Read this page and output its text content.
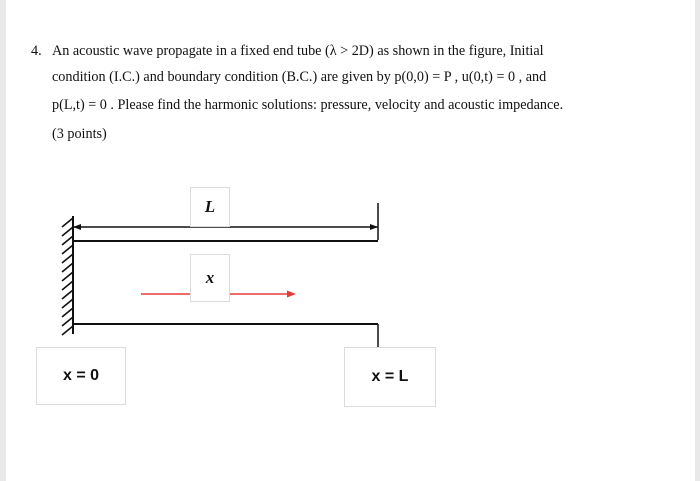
4. An acoustic wave propagate in a fixed end tube (λ > 2D) as shown in the figure, Initial
condition (I.C.) and boundary condition (B.C.) are given by p(0,0) = P , u(0,t) = 0 , and
p(L,t) = 0 . Please find the harmonic solutions: pressure, velocity and acoustic impedance.
(3 points)
L
x
x = 0	x = L
